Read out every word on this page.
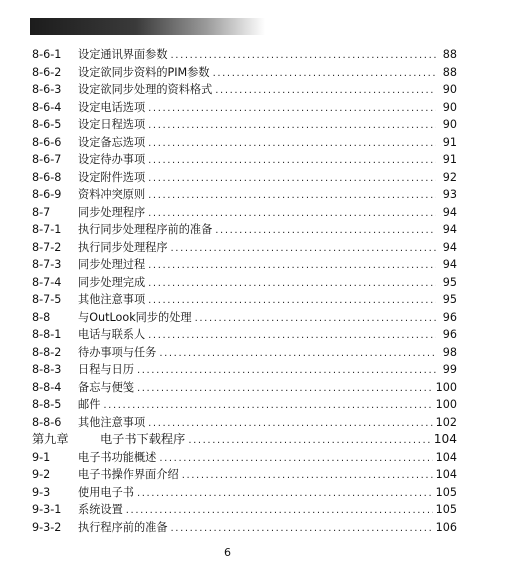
8-6-1	设定通讯界面参数 .....	88
8-6-2	设定欲同步资料的PIM参数 .....	88
8-6-3	设定欲同步处理的资料格式 .....	90
8-6-4	设定电话选项 .....	90
8-6-5	设定日程选项 .....	90
8-6-6	设定备忘选项 .....	91
8-6-7	设定待办事项 .....	91
8-6-8	设定附件选项 .....	92
8-6-9	资料冲突原则 .....	93
8-7	同步处理程序 .....	94
8-7-1	执行同步处理程序前的准备 .....	94
8-7-2	执行同步处理程序 .....	94
8-7-3	同步处理过程 .....	94
8-7-4	同步处理完成 .....	95
8-7-5	其他注意事项 .....	95
8-8	与OutLook同步的处理 .....	96
8-8-1	电话与联系人 .....	96
8-8-2	待办事项与任务 .....	98
8-8-3	日程与日历 .....	99
8-8-4	备忘与便笺 .....	100
8-8-5	邮件 .....	100
8-8-6	其他注意事项 .....	102
第九章	电子书下载程序 .....	104
9-1	电子书功能概述 .....	104
9-2	电子书操作界面介绍 .....	104
9-3	使用电子书 .....	105
9-3-1	系统设置 .....	105
9-3-2	执行程序前的准备 .....	106
6
